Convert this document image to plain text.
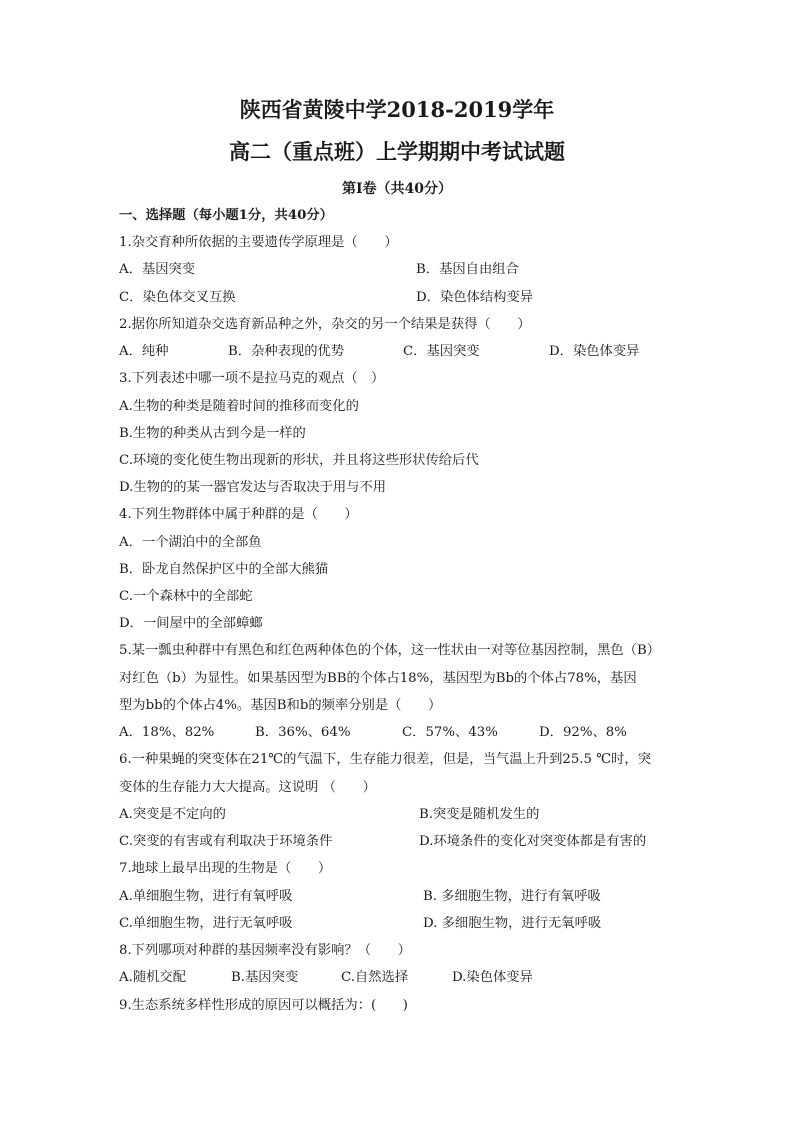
陕西省黄陵中学2018-2019学年
高二（重点班）上学期期中考试试题
第Ⅰ卷（共40分）
一、选择题（每小题1分，共40分）
1.杂交育种所依据的主要遗传学原理是（　　）
A．基因突变	B．基因自由组合
C．染色体交叉互换	D．染色体结构变异
2.据你所知道杂交选育新品种之外，杂交的另一个结果是获得（　　）
A．纯种	B．杂种表现的优势	C．基因突变	D．染色体变异
3.下列表述中哪一项不是拉马克的观点（　）
A.生物的种类是随着时间的推移而变化的
B.生物的种类从古到今是一样的
C.环境的变化使生物出现新的形状，并且将这些形状传给后代
D.生物的的某一器官发达与否取决于用与不用
4.下列生物群体中属于种群的是（　　）
A．一个湖泊中的全部鱼
B．卧龙自然保护区中的全部大熊猫
C.一个森林中的全部蛇
D．一间屋中的全部蟑螂
5.某一瓢虫种群中有黑色和红色两种体色的个体，这一性状由一对等位基因控制，黑色（B）
对红色（b）为显性。如果基因型为BB的个体占18%，基因型为Bb的个体占78%，基因
型为bb的个体占4%。基因B和b的频率分别是（　　）
A．18%、82%	B．36%、64%	C．57%、43%	D．92%、8%
6.一种果蝇的突变体在21℃的气温下，生存能力很差，但是，当气温上升到25.5 ℃时，突
变体的生存能力大大提高。这说明 （　　）
A.突变是不定向的	B.突变是随机发生的
C.突变的有害或有利取决于环境条件	D.环境条件的变化对突变体都是有害的
7.地球上最早出现的生物是（　　）
A.单细胞生物，进行有氧呼吸	B. 多细胞生物，进行有氧呼吸
C.单细胞生物，进行无氧呼吸	D. 多细胞生物，进行无氧呼吸
8.下列哪项对种群的基因频率没有影响？（　　）
A.随机交配	B.基因突变	C.自然选择	D.染色体变异
9.生态系统多样性形成的原因可以概括为：(　　)
